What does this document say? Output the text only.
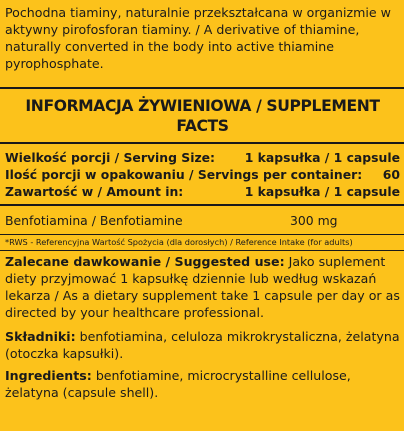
Pochodna tiaminy, naturalnie przekształcana w organizmie w aktywny pirofosforan tiaminy. / A derivative of thiamine, naturally converted in the body into active thiamine pyrophosphate.
INFORMACJA ŻYWIENIOWA / SUPPLEMENT FACTS
Wielkość porcji / Serving Size: 1 kapsułka / 1 capsule
Ilość porcji w opakowaniu / Servings per container: 60
Zawartość w / Amount in:	1 kapsułka / 1 capsule
Benfotiamina / Benfotiamine	300 mg
*RWS - Referencyjna Wartość Spożycia (dla dorosłych) / Reference Intake (for adults)
Zalecane dawkowanie / Suggested use: Jako suplement diety przyjmować 1 kapsułkę dziennie lub według wskazań lekarza / As a dietary supplement take 1 capsule per day or as directed by your healthcare professional.
Składniki: benfotiamina, celuloza mikrokrystaliczna, żelatyna (otoczka kapsułki).
Ingredients: benfotiamine, microcrystalline cellulose, żelatyna (capsule shell).
